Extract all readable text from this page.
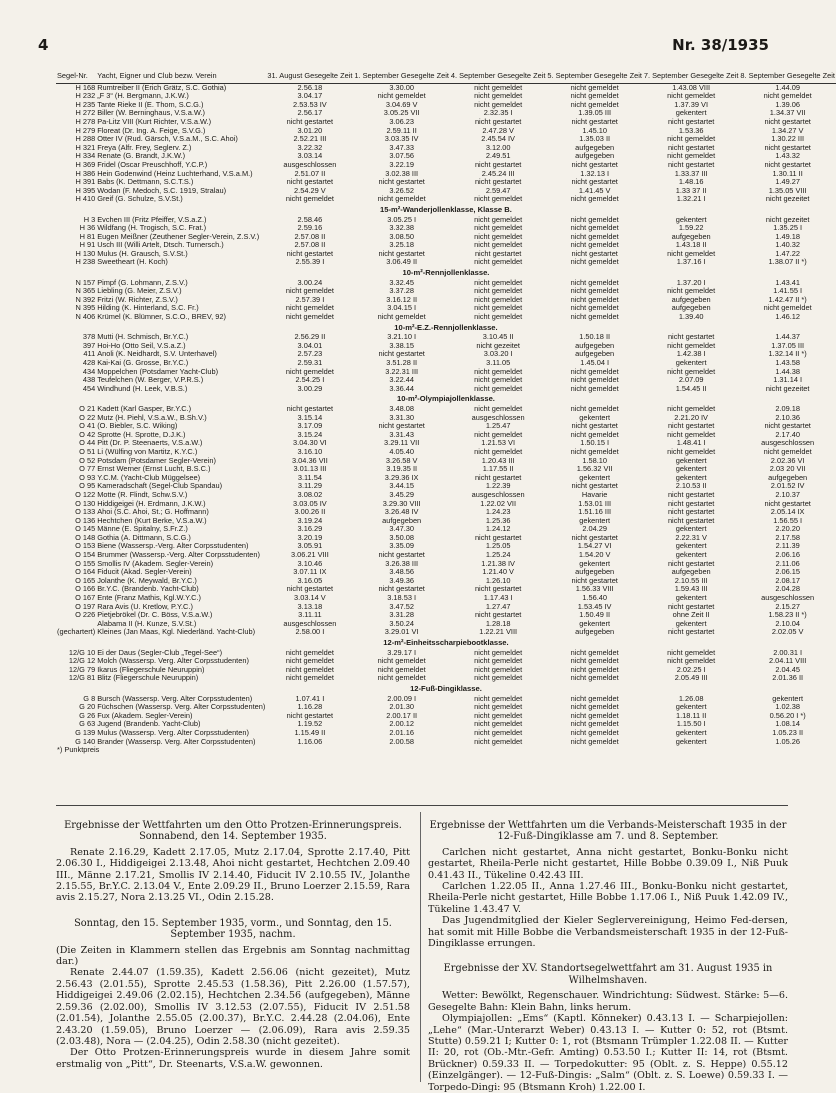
4	Nr. 38/1935
Segel-Nr.	Yacht, Eigner und Club bezw. Verein	31. August Gesegelte Zeit	1. September Gesegelte Zeit	4. September Gesegelte Zeit	5. September Gesegelte Zeit	7. September Gesegelte Zeit	8. September Gesegelte Zeit
H 168	Rumtreiber II (Erich Grätz, S.C. Gothia)	2.56.18	3.30.00	nicht gemeldet	nicht gemeldet	1.43.08 VIII	1.44.09
H 232	„F 3“ (H. Bergmann, J.K.W.)	3.04.17	nicht gemeldet	nicht gemeldet	nicht gemeldet	nicht gemeldet	nicht gemeldet
H 235	Tante Rieke II (E. Thom, S.C.G.)	2.53.53 IV	3.04.69 V	nicht gemeldet	nicht gemeldet	1.37.39 VI	1.39.06
H 272	Biller (W. Berninghaus, V.S.a.W.)	2.56.17	3.05.25 VII	2.32.35 I	1.39.05 III	gekentert	1.34.37 VII
H 278	Pa-Litz VIII (Kurt Richter, V.S.a.W.)	nicht gestartet	3.06.23	nicht gestartet	nicht gestartet	nicht gestartet	nicht gestartet
H 279	Floreat (Dr. Ing. A. Feige, S.V.G.)	3.01.20	2.59.11 II	2.47.28 V	1.45.10	1.53.36	1.34.27 V
H 288	Otter IV (Rud. Gärsch, V.S.a.M., S.C. Ahoi)	2.52.21 III	3.03.35 IV	2.45.54 IV	1.35.03 II	nicht gemeldet	1.30.22 III
H 321	Freya (Alfr. Frey, Seglerv. Z.)	3.22.32	3.47.33	3.12.00	aufgegeben	nicht gestartet	nicht gestartet
H 334	Renate (G. Brandt, J.K.W.)	3.03.14	3.07.56	2.49.51	aufgegeben	nicht gemeldet	1.43.32
H 369	Fridel (Oscar Preuschhoff, Y.C.P.)	ausgeschlossen	3.22.19	nicht gestartet	nicht gestartet	nicht gestartet	nicht gestartet
H 386	Hein Godenwind (Heinz Luchterhand, V.S.a.M.)	2.51.07 II	3.02.38 III	2.45.24 III	1.32.13 I	1.33.37 III	1.30.11 II
H 391	Babs (K. Dettmann, S.C.T.S.)	nicht gestartet	nicht gestartet	nicht gestartet	nicht gestartet	1.48.16	1.49.27
H 395	Wodan (F. Medoch, S.C. 1919, Stralau)	2.54.29 V	3.26.52	2.59.47	1.41.45 V	1.33 37 II	1.35.05 VIII
H 410	Greif (G. Schulze, S.V.St.)	nicht gemeldet	nicht gemeldet	nicht gemeldet	nicht gemeldet	1.32.21 I	nicht gezeitet
15-m²-Wanderjollenklasse, Klasse B.							
H 3	Evchen III (Fritz Pfeiffer, V.S.a.Z.)	2.58.46	3.05.25 I	nicht gemeldet	nicht gemeldet	gekentert	nicht gezeitet
H 36	Wildfang (H. Trogisch, S.C. Frat.)	2.59.16	3.32.38	nicht gemeldet	nicht gemeldet	1.59.22	1.35.25 I
H 81	Eugen Meißner (Zeuthener Segler-Verein, Z.S.V.)	2.57.08 II	3.08.50	nicht gemeldet	nicht gemeldet	aufgegeben	1.49.18
H 91	Usch III (Willi Artelt, Dtsch. Turnersch.)	2.57.08 II	3.25.18	nicht gemeldet	nicht gemeldet	1.43.18 II	1.40.32
H 130	Mulus (H. Grausch, S.V.St.)	nicht gestartet	nicht gestartet	nicht gestartet	nicht gestartet	nicht gemeldet	1.47.22
H 238	Sweetheart (H. Koch)	2.55.39 I	3.06.49 II	nicht gemeldet	nicht gemeldet	1.37.16 I	1.38.07 II *)
10-m²-Rennjollenklasse.							
N 157	Pimpf (G. Lohmann, Z.S.V.)	3.00.24	3.32.45	nicht gemeldet	nicht gemeldet	1.37.20 I	1.43.41
N 365	Liebling (G. Meier, Z.S.V.)	nicht gemeldet	3.37.28	nicht gemeldet	nicht gemeldet	nicht gemeldet	1.41.55 I
N 392	Fritzi (W. Richter, Z.S.V.)	2.57.39 I	3.16.12 II	nicht gemeldet	nicht gemeldet	aufgegeben	1.42.47 II *)
N 395	Hilding (K. Hinterland, S.C. Fr.)	nicht gemeldet	3.04.15 I	nicht gemeldet	nicht gemeldet	aufgegeben	nicht gemeldet
N 406	Krümel (K. Blümner, S.C.O., BREV, 92)	nicht gemeldet	nicht gemeldet	nicht gemeldet	nicht gemeldet	1.39.40	1.46.12
10-m²-E.Z.-Rennjollenklasse.							
378	Mutti (H. Schmisch, Br.Y.C.)	2.56.29 II	3.21.10 I	3.10.45 II	1.50.18 II	nicht gestartet	1.44.37
397	Hoi-Ho (Otto Seil, V.S.a.Z.)	3.04.01	3.38.15	nicht gezeitet	aufgegeben	nicht gemeldet	1.37.05 III
411	Anoli (K. Neidhardt, S.V. Unterhavel)	2.57.23	nicht gestartet	3.03.20 I	aufgegeben	1.42.38 I	1.32.14 II *)
428	Kai-Kai (G. Grosse, Br.Y.C.)	2.59.31	3.51.28 II	3.11.05	1.45.04 I	gekentert	1.43.58
434	Moppelchen (Potsdamer Yacht-Club)	nicht gemeldet	3.22.31 III	nicht gemeldet	nicht gemeldet	nicht gemeldet	1.44.38
438	Teufelchen (W. Berger, V.P.R.S.)	2.54.25 I	3.22.44	nicht gemeldet	nicht gemeldet	2.07.09	1.31.14 I
454	Windhund (H. Leek, V.B.S.)	3.00.29	3.36.44	nicht gemeldet	nicht gemeldet	1.54.45 II	nicht gezeitet
10-m²-Olympiajollenklasse.							
O 21	Kadett (Karl Gasper, Br.Y.C.)	nicht gestartet	3.48.08	nicht gemeldet	nicht gemeldet	nicht gemeldet	2.09.18
O 22	Mutz (H. Piehl, V.S.a.W., B.Sh.V.)	3.15.14	3.31.30	ausgeschlossen	gekentert	2.21.20 IV	2.10.36
O 41	(O. Biebler, S.C. Wiking)	3.17.09	nicht gestartet	1.25.47	nicht gestartet	nicht gestartet	nicht gestartet
O 42	Sprotte (H. Sprotte, D.J.K.)	3.15.24	3.31.43	nicht gemeldet	nicht gemeldet	nicht gemeldet	2.17.40
O 44	Pitt (Dr. P. Steenaerts, V.S.a.W.)	3.04.30 VI	3.29.11 VII	1.21.53 VI	1.50.15 I	1.48.41 I	ausgeschlossen
O 51	Li (Wülfing von Martitz, K.Y.C.)	3.16.10	4.05.40	nicht gemeldet	nicht gemeldet	nicht gemeldet	nicht gemeldet
O 52	Potsdam (Potsdamer Segler-Verein)	3.04.36 VII	3.26.58 V	1.20.43 III	1.58.10	gekentert	2.02.36 VI
O 77	Ernst Werner (Ernst Lucht, B.S.C.)	3.01.13 III	3.19.35 II	1.17.55 II	1.56.32 VII	gekentert	2.03 20 VII
O 93	Y.C.M. (Yacht-Club Müggelsee)	3.11.54	3.29.36 IX	nicht gestartet	gekentert	gekentert	aufgegeben
O 95	Kameradschaft (Segel-Club Spandau)	3.11.29	3.44.15	1.22.39	nicht gestartet	2.10.53 II	2.01.52 IV
O 122	Motte (R. Flindt, Schw.S.V.)	3.08.02	3.45.29	ausgeschlossen	Havarie	nicht gestartet	2.10.37
O 130	Hiddigeigei (H. Erdmann, J.K.W.)	3.03.05 IV	3.29.30 VIII	1.22.02 VII	1.53.01 III	nicht gestartet	nicht gestartet
O 133	Ahoi (S.C. Ahoi, St.; G. Hoffmann)	3.00.26 II	3.26.48 IV	1.24.23	1.51.16 III	nicht gestartet	2.05.14 IX
O 136	Hechtchen (Kurt Berke, V.S.a.W.)	3.19.24	aufgegeben	1.25.36	gekentert	nicht gestartet	1.56.55 I
O 145	Männe (E. Spitalny, S.Fr.Z.)	3.16.29	3.47.30	1.24.12	2.04.29	gekentert	2.20.20
O 148	Gothia (A. Dittmann, S.C.G.)	3.20.19	3.50.08	nicht gestartet	nicht gestartet	2.22.31 V	2.17.58
O 153	Biene (Wassersp.-Verg. Alter Corpsstudenten)	3.05.91	3.35.09	1.25.05	1.54.27 VI	gekentert	2.11.39
O 154	Brummer (Wassersp.-Verg. Alter Corpsstudenten)	3.06.21 VIII	nicht gestartet	1.25.24	1.54.20 V	gekentert	2.06.16
O 155	Smollis IV (Akadem. Segler-Verein)	3.10.46	3.26.38 III	1.21.38 IV	gekentert	nicht gestartet	2.11.06
O 164	Fiducit (Akad. Segler-Verein)	3.07.11 IX	3.48.56	1.21.40 V	aufgegeben	aufgegeben	2.06.15
O 165	Jolanthe (K. Meywald, Br.Y.C.)	3.16.05	3.49.36	1.26.10	nicht gestartet	2.10.55 III	2.08.17
O 166	Br.Y.C. (Brandenb. Yacht-Club)	nicht gestartet	nicht gestartet	nicht gestartet	1.56.33 VIII	1.59.43 III	2.04.28
O 167	Ente (Franz Mathis, Kgl.W.Y.C.)	3.03.14 V	3.18.53 I	1.17.43 I	1.56.40	gekentert	ausgeschlossen
O 197	Rara Avis (U. Kretlow, P.Y.C.)	3.13.18	3.47.52	1.27.47	1.53.45 IV	nicht gestartet	2.15.27
O 226	Pietjebrökel (Dr. C. Böss, V.S.a.W.)	3.11.11	3.31.28	nicht gestartet	1.50.49 II	ohne Zeit II	1.58.23 II *)
	Alabama II (H. Kunze, S.V.St.)	ausgeschlossen	3.50.24	1.28.18	gekentert	gekentert	2.10.04
(gechartert)	Kleines (Jan Maas, Kgl. Niederländ. Yacht-Club)	2.58.00 I	3.29.01 VI	1.22.21 VIII	aufgegeben	nicht gestartet	2.02.05 V
12-m²-Einheitsscharpiebootklasse.							
12/G 10	Ei der Daus (Segler-Club „Tegel-See“)	nicht gemeldet	3.29.17 I	nicht gemeldet	nicht gemeldet	nicht gemeldet	2.00.31 I
12/G 12	Molch (Wassersp. Verg. Alter Corpsstudenten)	nicht gemeldet	nicht gemeldet	nicht gemeldet	nicht gemeldet	nicht gemeldet	2.04.11 VIII
12/G 79	Ikarus (Fliegerschule Neuruppin)	nicht gemeldet	nicht gemeldet	nicht gemeldet	nicht gemeldet	2.02.25 I	2.04.45
12/G 81	Blitz (Fliegerschule Neuruppin)	nicht gemeldet	nicht gemeldet	nicht gemeldet	nicht gemeldet	2.05.49 III	2.01.36 II
12-Fuß-Dingiklasse.							
G 8	Bursch (Wassersp. Verg. Alter Corpsstudenten)	1.07.41 I	2.00.09 I	nicht gemeldet	nicht gemeldet	1.26.08	gekentert
G 20	Füchschen (Wassersp. Verg. Alter Corpsstudenten)	1.16.28	2.01.30	nicht gemeldet	nicht gemeldet	gekentert	1.02.38
G 26	Fux (Akadem. Segler-Verein)	nicht gestartet	2.00.17 II	nicht gemeldet	nicht gemeldet	1.18.11 II	0.56.20 I *)
G 63	Jugend (Brandenb. Yacht-Club)	1.19.52	2.00.12	nicht gemeldet	nicht gemeldet	1.15.50 I	1.08.14
G 139	Mulus (Wassersp. Verg. Alter Corpsstudenten)	1.15.49 II	2.01.16	nicht gemeldet	nicht gemeldet	gekentert	1.05.23 II
G 140	Brander (Wassersp. Verg. Alter Corpsstudenten)	1.16.06	2.00.58	nicht gemeldet	nicht gemeldet	gekentert	1.05.26
*) Punktpreis							
Ergebnisse der Wettfahrten um den Otto Protzen-Erinnerungspreis. Sonnabend, den 14. September 1935.

Renate 2.16.29, Kadett 2.17.05, Mutz 2.17.04, Sprotte 2.17.40, Pitt 2.06.30 I., Hiddigeigei 2.13.48, Ahoi nicht gestartet, Hechtchen 2.09.40 III., Männe 2.17.21, Smollis IV 2.14.40, Fiducit IV 2.10.55 IV., Jolanthe 2.15.55, Br.Y.C. 2.13.04 V., Ente 2.09.29 II., Bruno Loerzer 2.15.59, Rara avis 2.15.27, Nora 2.13.25 VI., Odin 2.15.28.

Sonntag, den 15. September 1935, vorm., und Sonntag, den 15. September 1935, nachm.

(Die Zeiten in Klammern stellen das Ergebnis am Sonntag nachmittag dar.)

Renate 2.44.07 (1.59.35), Kadett 2.56.06 (nicht gezeitet), Mutz 2.56.43 (2.01.55), Sprotte 2.45.53 (1.58.36), Pitt 2.26.00 (1.57.57), Hiddigeigei 2.49.06 (2.02.15), Hechtchen 2.34.56 (aufgegeben), Männe 2.59.36 (2.02.00), Smollis IV 3.12.53 (2.07.55), Fiducit IV 2.51.58 (2.01.54), Jolanthe 2.55.05 (2.00.37), Br.Y.C. 2.44.28 (2.04.06), Ente 2.43.20 (1.59.05), Bruno Loerzer — (2.06.09), Rara avis 2.59.35 (2.03.48), Nora — (2.04.25), Odin 2.58.30 (nicht gezeitet).

Der Otto Protzen-Erinnerungspreis wurde in diesem Jahre somit erstmalig von „Pitt“, Dr. Steenarts, V.S.a.W. gewonnen.

Ergebnisse der Wettfahrten um die Verbands-Meisterschaft 1935 in der 12-Fuß-Dingiklasse am 7. und 8. September.

Carlchen nicht gestartet, Anna nicht gestartet, Bonku-Bonku nicht gestartet, Rheila-Perle nicht gestartet, Hille Bobbe 0.39.09 I., Niß Puuk 0.41.43 II., Tükeline 0.42.43 III.

Carlchen 1.22.05 II., Anna 1.27.46 III., Bonku-Bonku nicht gestartet, Rheila-Perle nicht gestartet, Hille Bobbe 1.17.06 I., Niß Puuk 1.42.09 IV., Tükeline 1.43.47 V.

Das Jugendmitglied der Kieler Seglervereinigung, Heimo Fed-dersen, hat somit mit Hille Bobbe die Verbandsmeisterschaft 1935 in der 12-Fuß-Dingiklasse errungen.

Ergebnisse der XV. Standortsegelwettfahrt am 31. August 1935 in Wilhelmshaven.

Wetter: Bewölkt, Regenschauer. Windrichtung: Südwest. Stärke: 5—6. Gesegelte Bahn: Klein Bahn, links herum.

Olympiajollen: „Ems“ (Kaptl. Könneker) 0.43.13 I. — Scharpiejollen: „Lehe“ (Mar.-Unterarzt Weber) 0.43.13 I. — Kutter 0: 52, rot (Btsmt. Stutte) 0.59.21 I; Kutter 0: 1, rot (Btsmann Trümpler 1.22.08 II. — Kutter II: 20, rot (Ob.-Mtr.-Gefr. Amting) 0.53.50 I.; Kutter II: 14, rot (Btsmt. Brückner) 0.59.33 II. — Torpedokutter: 95 (Oblt. z. S. Heppe) 0.55.12 (Einzelgänger). — 12-Fuß-Dingis: „Salm“ (Oblt. z. S. Loewe) 0.59.33 I. — Torpedo-Dingi: 95 (Btsmann Kroh) 1.22.00 I.
